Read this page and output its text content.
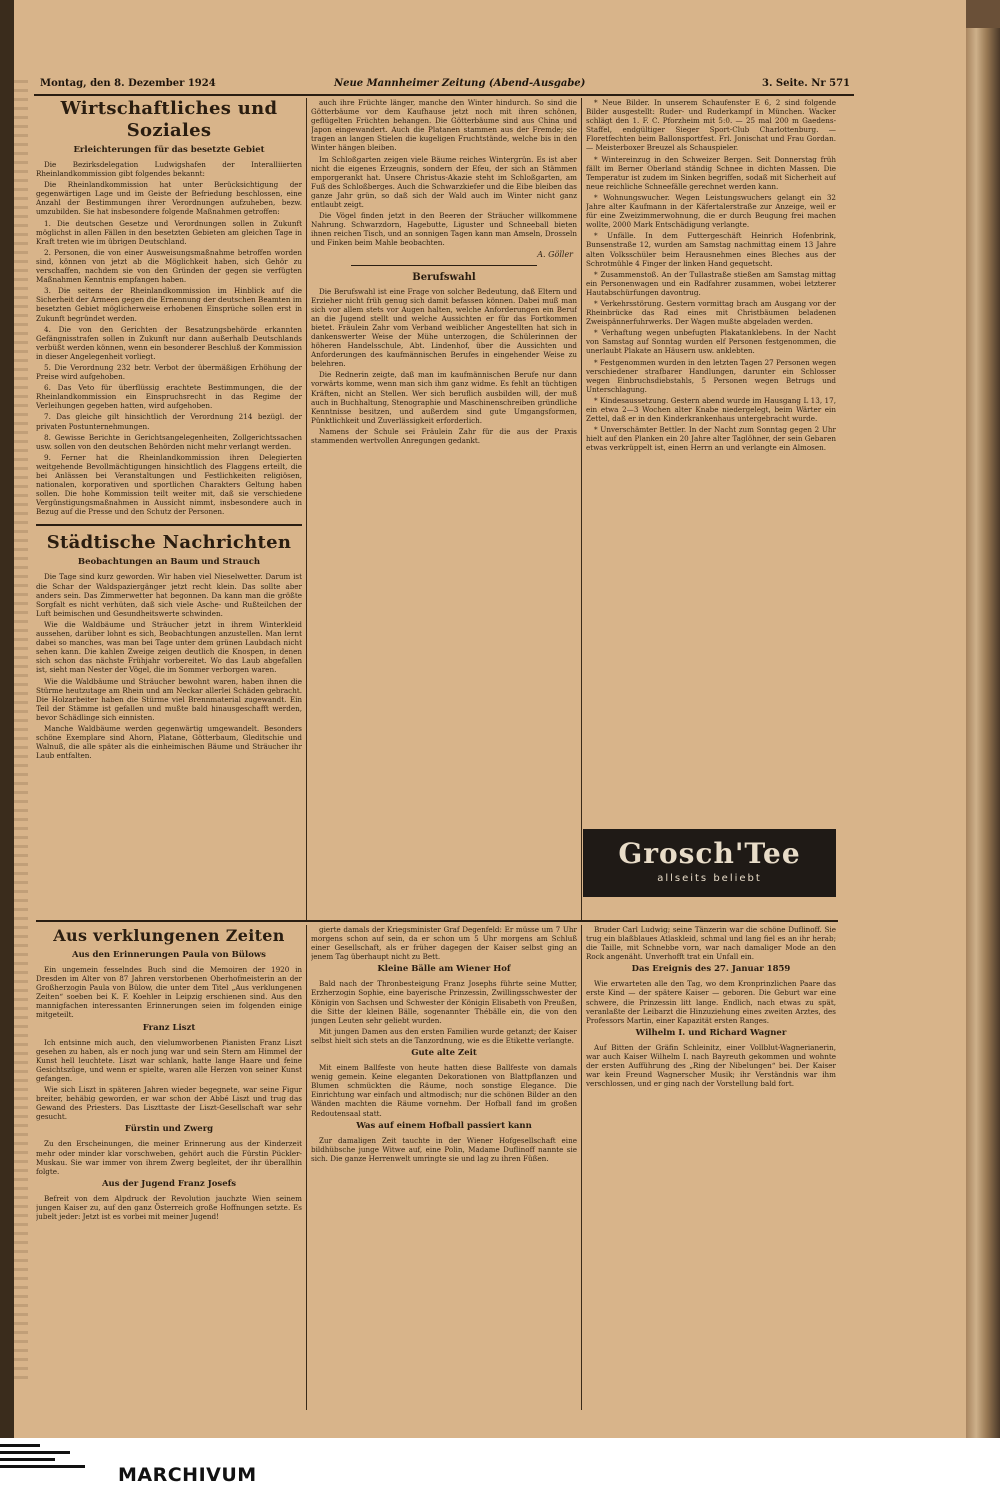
Montag, den 8. Dezember 1924	Neue Mannheimer Zeitung (Abend-Ausgabe)	3. Seite. Nr 571
Wirtschaftliches und Soziales
Erleichterungen für das besetzte Gebiet

Die Bezirksdelegation Ludwigshafen der Interalliierten Rheinlandkommission gibt folgendes bekannt:

Die Rheinlandkommission hat unter Berücksichtigung der gegenwärtigen Lage und im Geiste der Befriedung beschlossen, eine Anzahl der Bestimmungen ihrer Verordnungen aufzuheben, bezw. umzubilden. Sie hat insbesondere folgende Maßnahmen getroffen:

1. Die deutschen Gesetze und Verordnungen sollen in Zukunft möglichst in allen Fällen in den besetzten Gebieten am gleichen Tage in Kraft treten wie im übrigen Deutschland.

2. Personen, die von einer Ausweisungsmaßnahme betroffen worden sind, können von jetzt ab die Möglichkeit haben, sich Gehör zu verschaffen, nachdem sie von den Gründen der gegen sie verfügten Maßnahmen Kenntnis empfangen haben.

3. Die seitens der Rheinlandkommission im Hinblick auf die Sicherheit der Armeen gegen die Ernennung der deutschen Beamten im besetzten Gebiet möglicherweise erhobenen Einsprüche sollen erst in Zukunft begründet werden.

4. Die von den Gerichten der Besatzungsbehörde erkannten Gefängnisstrafen sollen in Zukunft nur dann außerhalb Deutschlands verbüßt werden können, wenn ein besonderer Beschluß der Kommission in dieser Angelegenheit vorliegt.

5. Die Verordnung 232 betr. Verbot der übermäßigen Erhöhung der Preise wird aufgehoben.

6. Das Veto für überflüssig erachtete Bestimmungen, die der Rheinlandkommission ein Einspruchsrecht in das Regime der Verleihungen gegeben hatten, wird aufgehoben.

7. Das gleiche gilt hinsichtlich der Verordnung 214 bezügl. der privaten Postunternehmungen.

8. Gewisse Berichte in Gerichtsangelegenheiten, Zollgerichtssachen usw. sollen von den deutschen Behörden nicht mehr verlangt werden.

9. Ferner hat die Rheinlandkommission ihren Delegierten weitgehende Bevollmächtigungen hinsichtlich des Flaggens erteilt, die bei Anlässen bei Veranstaltungen und Festlichkeiten religiösen, nationalen, korporativen und sportlichen Charakters Geltung haben sollen. Die hohe Kommission teilt weiter mit, daß sie verschiedene Vergünstigungsmaßnahmen in Aussicht nimmt, insbesondere auch in Bezug auf die Presse und den Schutz der Personen.

Städtische Nachrichten
Beobachtungen an Baum und Strauch

Die Tage sind kurz geworden. Wir haben viel Nieselwetter. Darum ist die Schar der Waldspaziergänger jetzt recht klein. Das sollte aber anders sein. Das Zimmerwetter hat begonnen. Da kann man die größte Sorgfalt es nicht verhüten, daß sich viele Asche- und Rußteilchen der Luft beimischen und Gesundheitswerte schwinden.

Wie die Waldbäume und Sträucher jetzt in ihrem Winterkleid aussehen, darüber lohnt es sich, Beobachtungen anzustellen. Man lernt dabei so manches, was man bei Tage unter dem grünen Laubdach nicht sehen kann. Die kahlen Zweige zeigen deutlich die Knospen, in denen sich schon das nächste Frühjahr vorbereitet. Wo das Laub abgefallen ist, sieht man Nester der Vögel, die im Sommer verborgen waren.

Wie die Waldbäume und Sträucher bewohnt waren, haben ihnen die Stürme heutzutage am Rhein und am Neckar allerlei Schäden gebracht. Die Holzarbeiter haben die Stürme viel Brennmaterial zugewandt. Ein Teil der Stämme ist gefallen und mußte bald hinausgeschafft werden, bevor Schädlinge sich einnisten.

Manche Waldbäume werden gegenwärtig umgewandelt. Besonders schöne Exemplare sind Ahorn, Platane, Götterbaum, Gleditschie und Walnuß, die alle später als die einheimischen Bäume und Sträucher ihr Laub entfalten.

auch ihre Früchte länger, manche den Winter hindurch. So sind die Götterbäume vor dem Kaufhause jetzt noch mit ihren schönen, geflügelten Früchten behangen. Die Götterbäume sind aus China und Japon eingewandert. Auch die Platanen stammen aus der Fremde; sie tragen an langen Stielen die kugeligen Fruchtstände, welche bis in den Winter hängen bleiben.

Im Schloßgarten zeigen viele Bäume reiches Wintergrün. Es ist aber nicht die eigenes Erzeugnis, sondern der Efeu, der sich an Stämmen emporgerankt hat. Unsere Christus-Akazie steht im Schloßgarten, am Fuß des Schloßberges. Auch die Schwarzkiefer und die Eibe bleiben das ganze Jahr grün, so daß sich der Wald auch im Winter nicht ganz entlaubt zeigt.

Die Vögel finden jetzt in den Beeren der Sträucher willkommene Nahrung. Schwarzdorn, Hagebutte, Liguster und Schneeball bieten ihnen reichen Tisch, und an sonnigen Tagen kann man Amseln, Drosseln und Finken beim Mahle beobachten.

A. Göller
Berufswahl

Die Berufswahl ist eine Frage von solcher Bedeutung, daß Eltern und Erzieher nicht früh genug sich damit befassen können. Dabei muß man sich vor allem stets vor Augen halten, welche Anforderungen ein Beruf an die Jugend stellt und welche Aussichten er für das Fortkommen bietet. Fräulein Zahr vom Verband weiblicher Angestellten hat sich in dankenswerter Weise der Mühe unterzogen, die Schülerinnen der höheren Handelsschule, Abt. Lindenhof, über die Aussichten und Anforderungen des kaufmännischen Berufes in eingehender Weise zu belehren.

Die Rednerin zeigte, daß man im kaufmännischen Berufe nur dann vorwärts komme, wenn man sich ihm ganz widme. Es fehlt an tüchtigen Kräften, nicht an Stellen. Wer sich beruflich ausbilden will, der muß auch in Buchhaltung, Stenographie und Maschinenschreiben gründliche Kenntnisse besitzen, und außerdem sind gute Umgangsformen, Pünktlichkeit und Zuverlässigkeit erforderlich.

Namens der Schule sei Fräulein Zahr für die aus der Praxis stammenden wertvollen Anregungen gedankt.

* Neue Bilder. In unserem Schaufenster E 6, 2 sind folgende Bilder ausgestellt: Ruder- und Ruderkampf in München. Wacker schlägt den 1. F. C. Pforzheim mit 5:0. — 25 mal 200 m Gaedens-Staffel, endgültiger Sieger Sport-Club Charlottenburg. — Floretfechten beim Ballonsportfest. Frl. Jonischat und Frau Gordan. — Meisterboxer Breuzel als Schauspieler.

* Wintereinzug in den Schweizer Bergen. Seit Donnerstag früh fällt im Berner Oberland ständig Schnee in dichten Massen. Die Temperatur ist zudem im Sinken begriffen, sodaß mit Sicherheit auf neue reichliche Schneefälle gerechnet werden kann.

* Wohnungswucher. Wegen Leistungswuchers gelangt ein 32 Jahre alter Kaufmann in der Käfertalerstraße zur Anzeige, weil er für eine Zweizimmerwohnung, die er durch Beugung frei machen wollte, 2000 Mark Entschädigung verlangte.

* Unfälle. In dem Futtergeschäft Heinrich Hofenbrink, Bunsenstraße 12, wurden am Samstag nachmittag einem 13 Jahre alten Volksschüler beim Herausnehmen eines Bleches aus der Schrotmühle 4 Finger der linken Hand gequetscht.

* Zusammenstoß. An der Tullastraße stießen am Samstag mittag ein Personenwagen und ein Radfahrer zusammen, wobei letzterer Hautabschürfungen davontrug.

* Verkehrsstörung. Gestern vormittag brach am Ausgang vor der Rheinbrücke das Rad eines mit Christbäumen beladenen Zweispännerfuhrwerks. Der Wagen mußte abgeladen werden.

* Verhaftung wegen unbefugten Plakatanklebens. In der Nacht von Samstag auf Sonntag wurden elf Personen festgenommen, die unerlaubt Plakate an Häusern usw. anklebten.

* Festgenommen wurden in den letzten Tagen 27 Personen wegen verschiedener strafbarer Handlungen, darunter ein Schlosser wegen Einbruchsdiebstahls, 5 Personen wegen Betrugs und Unterschlagung.

* Kindesaussetzung. Gestern abend wurde im Hausgang L 13, 17, ein etwa 2—3 Wochen alter Knabe niedergelegt, beim Wärter ein Zettel, daß er in den Kinderkrankenhaus untergebracht wurde.

* Unverschämter Bettler. In der Nacht zum Sonntag gegen 2 Uhr hielt auf den Planken ein 20 Jahre alter Taglöhner, der sein Gebaren etwas verkrüppelt ist, einen Herrn an und verlangte ein Almosen.

Grosch'Tee
allseits beliebt
Aus verklungenen Zeiten
Aus den Erinnerungen Paula von Bülows

Ein ungemein fesselndes Buch sind die Memoiren der 1920 in Dresden im Alter von 87 Jahren verstorbenen Oberhofmeisterin an der Großherzogin Paula von Bülow, die unter dem Titel „Aus verklungenen Zeiten“ soeben bei K. F. Koehler in Leipzig erschienen sind. Aus den mannigfachen interessanten Erinnerungen seien im folgenden einige mitgeteilt.

Franz Liszt

Ich entsinne mich auch, den vielumworbenen Pianisten Franz Liszt gesehen zu haben, als er noch jung war und sein Stern am Himmel der Kunst hell leuchtete. Liszt war schlank, hatte lange Haare und feine Gesichtszüge, und wenn er spielte, waren alle Herzen von seiner Kunst gefangen.

Wie sich Liszt in späteren Jahren wieder begegnete, war seine Figur breiter, behäbig geworden, er war schon der Abbé Liszt und trug das Gewand des Priesters. Das Liszttaste der Liszt-Gesellschaft war sehr gesucht.

Fürstin und Zwerg

Zu den Erscheinungen, die meiner Erinnerung aus der Kinderzeit mehr oder minder klar vorschweben, gehört auch die Fürstin Pückler-Muskau. Sie war immer von ihrem Zwerg begleitet, der ihr überallhin folgte.

Aus der Jugend Franz Josefs

Befreit von dem Alpdruck der Revolution jauchzte Wien seinem jungen Kaiser zu, auf den ganz Österreich große Hoffnungen setzte. Es jubelt jeder: Jetzt ist es vorbei mit meiner Jugend!

gierte damals der Kriegsminister Graf Degenfeld: Er müsse um 7 Uhr morgens schon auf sein, da er schon um 5 Uhr morgens am Schluß einer Gesellschaft, als er früher dagegen der Kaiser selbst ging an jenem Tag überhaupt nicht zu Bett.

Kleine Bälle am Wiener Hof

Bald nach der Thronbesteigung Franz Josephs führte seine Mutter, Erzherzogin Sophie, eine bayerische Prinzessin, Zwillingsschwester der Königin von Sachsen und Schwester der Königin Elisabeth von Preußen, die Sitte der kleinen Bälle, sogenannter Thébälle ein, die von den jungen Leuten sehr geliebt wurden.

Mit jungen Damen aus den ersten Familien wurde getanzt; der Kaiser selbst hielt sich stets an die Tanzordnung, wie es die Etikette verlangte.

Gute alte Zeit

Mit einem Ballfeste von heute hatten diese Ballfeste von damals wenig gemein. Keine eleganten Dekorationen von Blattpflanzen und Blumen schmückten die Räume, noch sonstige Elegance. Die Einrichtung war einfach und altmodisch; nur die schönen Bilder an den Wänden machten die Räume vornehm. Der Hofball fand im großen Redoutensaal statt.

Was auf einem Hofball passiert kann

Zur damaligen Zeit tauchte in der Wiener Hofgesellschaft eine bildhübsche junge Witwe auf, eine Polin, Madame Duflinoff nannte sie sich. Die ganze Herrenwelt umringte sie und lag zu ihren Füßen.

Bruder Carl Ludwig; seine Tänzerin war die schöne Duflinoff. Sie trug ein blaßblaues Atlaskleid, schmal und lang fiel es an ihr herab; die Taille, mit Schnebbe vorn, war nach damaliger Mode an den Rock angenäht. Unverhofft trat ein Unfall ein.

Das Ereignis des 27. Januar 1859

Wie erwarteten alle den Tag, wo dem Kronprinzlichen Paare das erste Kind — der spätere Kaiser — geboren. Die Geburt war eine schwere, die Prinzessin litt lange. Endlich, nach etwas zu spät, veranlaßte der Leibarzt die Hinzuziehung eines zweiten Arztes, des Professors Martin, einer Kapazität ersten Ranges.

Wilhelm I. und Richard Wagner

Auf Bitten der Gräfin Schleinitz, einer Vollblut-Wagnerianerin, war auch Kaiser Wilhelm I. nach Bayreuth gekommen und wohnte der ersten Aufführung des „Ring der Nibelungen“ bei. Der Kaiser war kein Freund Wagnerscher Musik; ihr Verständnis war ihm verschlossen, und er ging nach der Vorstellung bald fort.

MARCHIVUM
